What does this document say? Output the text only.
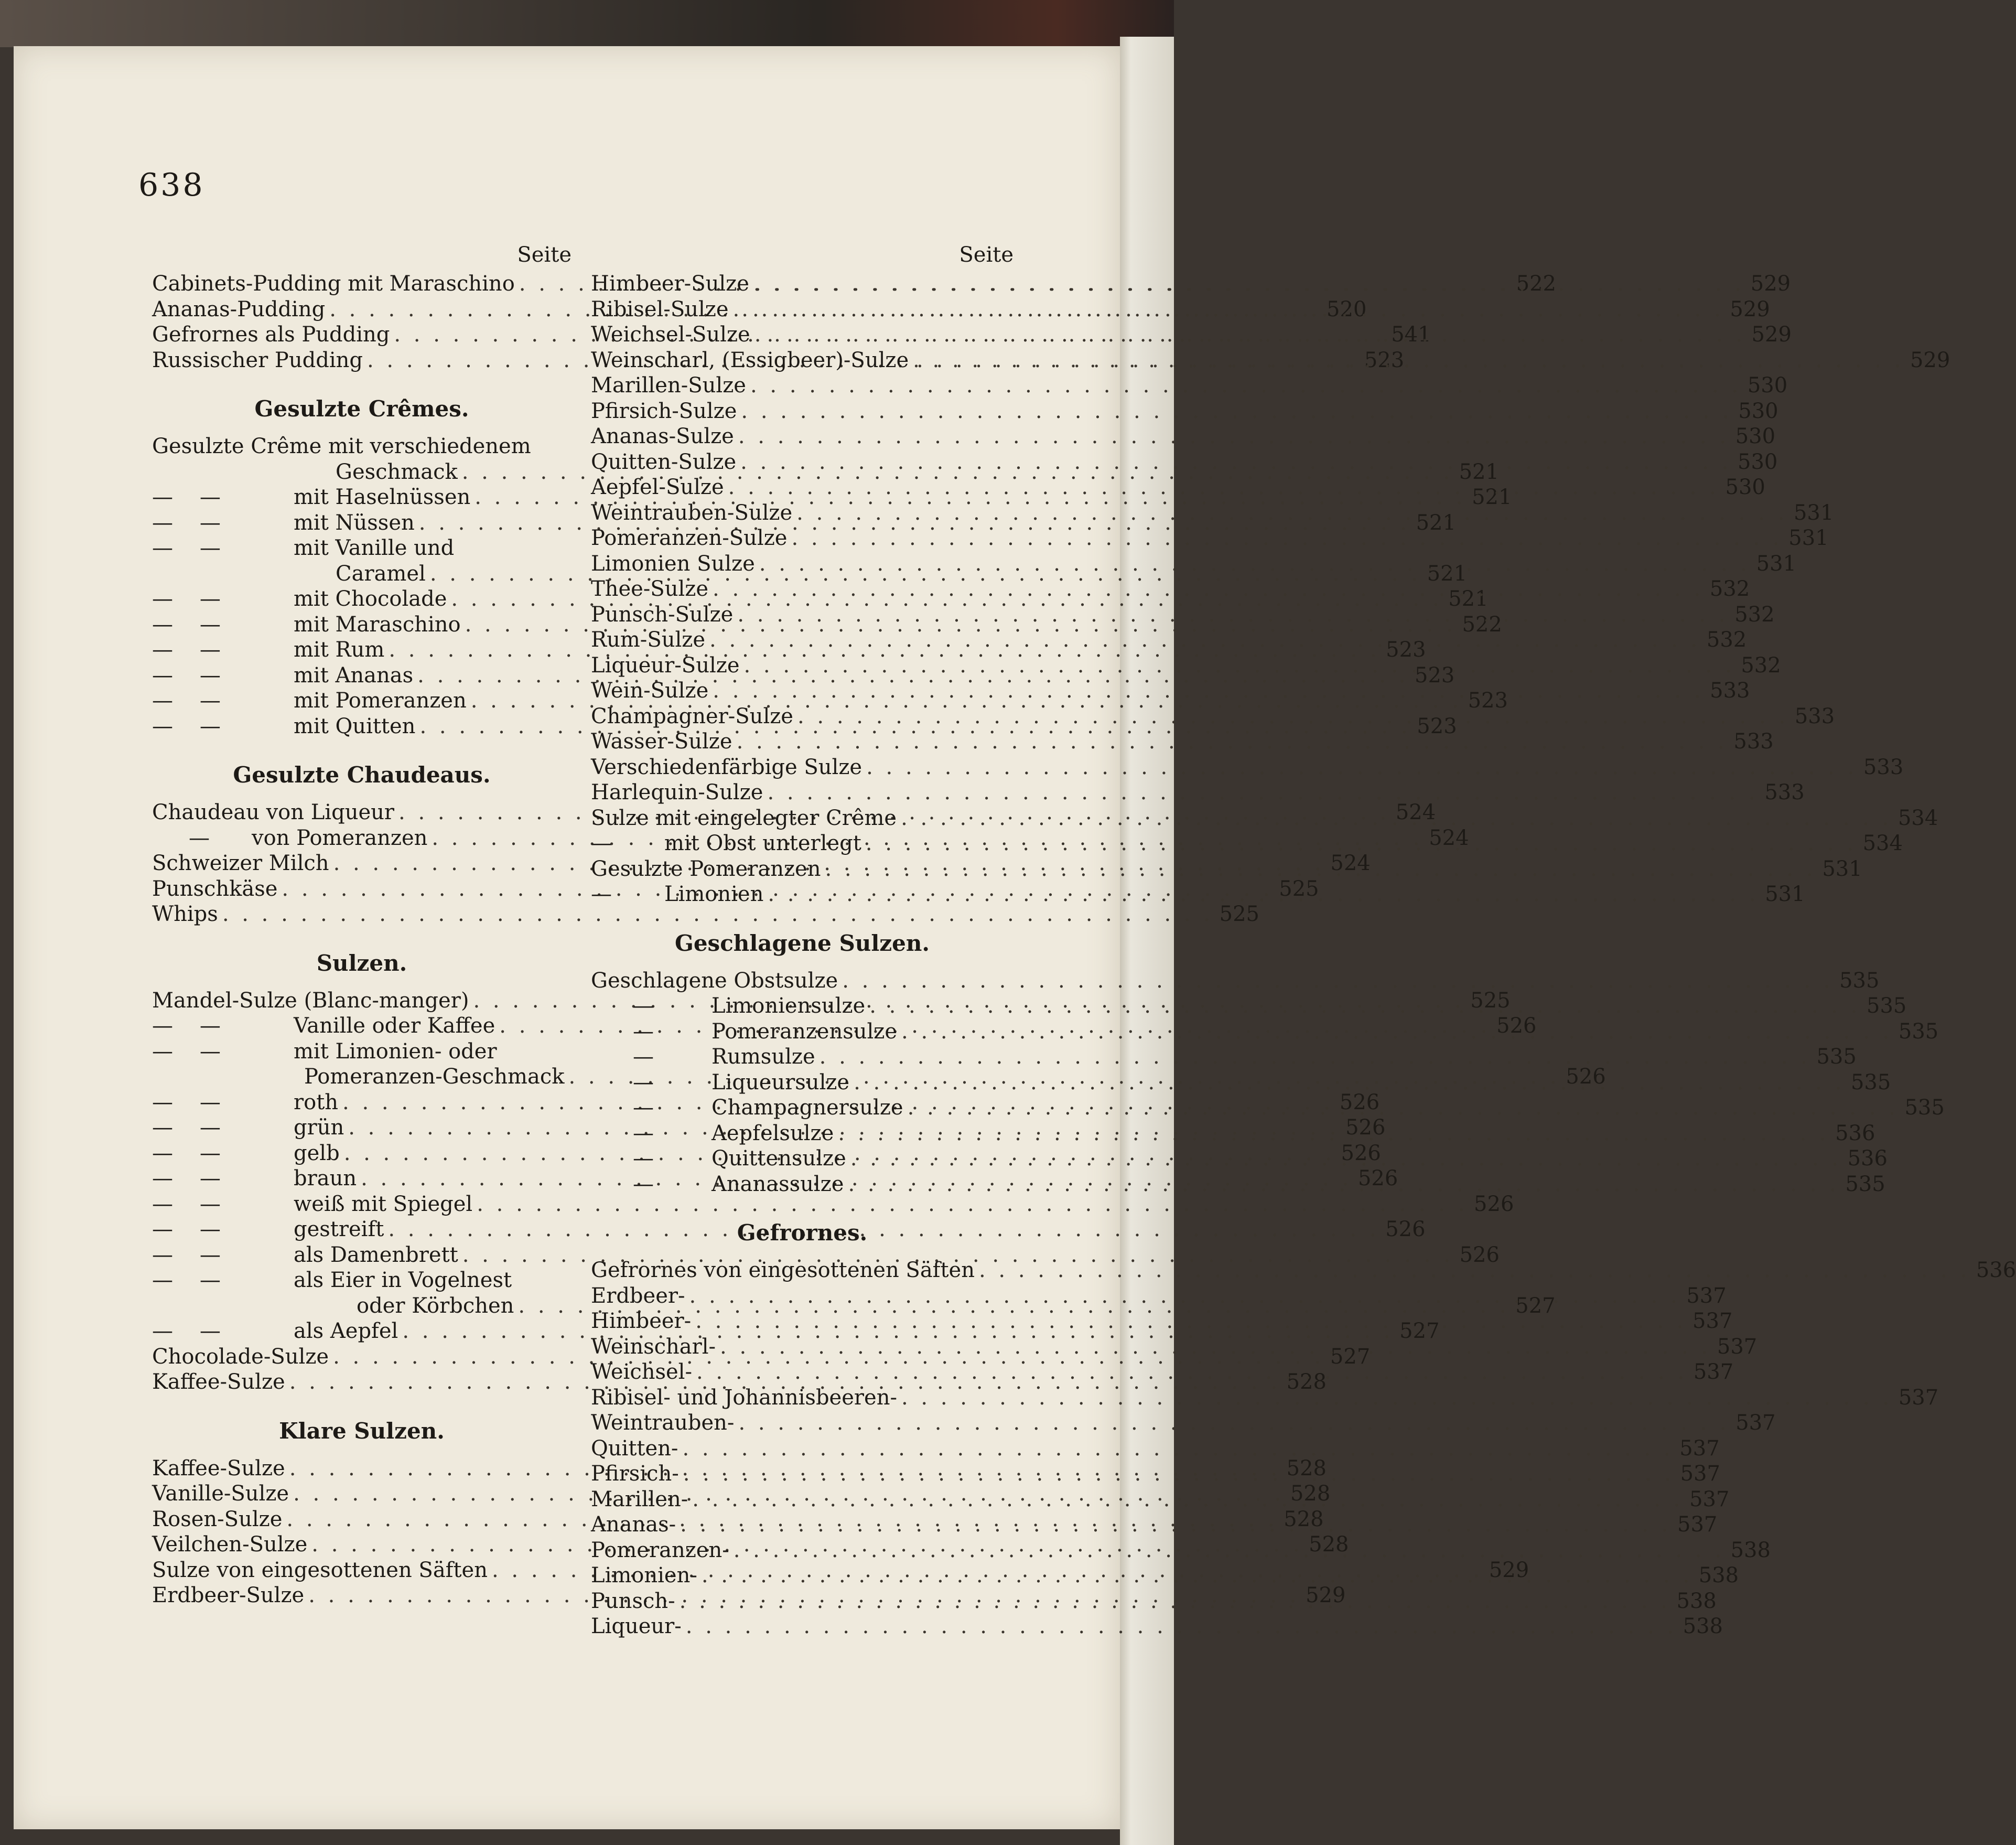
638
Seite
Cabinets-Pudding mit Maraschino . . .	522
Ananas-Pudding . . .	520
Gefrornes als Pudding . . .	541
Russischer Pudding . . .	523
Gesulzte Crêmes.
Gesulzte Crême mit verschiedenem
Geschmack . . .	521
—    —	mit Haselnüssen . . .	521
—    —	mit Nüssen . . .	521
—    —	mit Vanille und
Caramel . . .	521
—    —	mit Chocolade . . .	521
—    —	mit Maraschino . . .	522
—    —	mit Rum . . .	523
—    —	mit Ananas . . .	523
—    —	mit Pomeranzen . . .	523
—    —	mit Quitten . . .	523
Gesulzte Chaudeaus.
Chaudeau von Liqueur . . .	524
—	von Pomeranzen . . .	524
Schweizer Milch . . .	524
Punschkäse . . .	525
Whips . . .	525
Sulzen.
Mandel-Sulze (Blanc-manger) . . .	525
—    —	Vanille oder Kaffee . . .	526
—    —	mit Limonien- oder
Pomeranzen-Geschmack . . .	526
—    —	roth . . .	526
—    —	grün . . .	526
—    —	gelb . . .	526
—    —	braun . . .	526
—    —	weiß mit Spiegel . . .	526
—    —	gestreift . . .	526
—    —	als Damenbrett . . .	526
—    —	als Eier in Vogelnest
oder Körbchen . . .	527
—    —	als Aepfel . . .	527
Chocolade-Sulze . . .	527
Kaffee-Sulze . . .	528
Klare Sulzen.
Kaffee-Sulze . . .	528
Vanille-Sulze . . .	528
Rosen-Sulze . . .	528
Veilchen-Sulze . . .	528
Sulze von eingesottenen Säften . . .	529
Erdbeer-Sulze . . .	529
Seite
Himbeer-Sulze . . .	529
Ribisel-Sulze . . .	529
Weichsel-Sulze . . .	529
Weinscharl, (Essigbeer)-Sulze . . .	529
Marillen-Sulze . . .	530
Pfirsich-Sulze . . .	530
Ananas-Sulze . . .	530
Quitten-Sulze . . .	530
Aepfel-Sulze . . .	530
Weintrauben-Sulze . . .	531
Pomeranzen-Sulze . . .	531
Limonien Sulze . . .	531
Thee-Sulze . . .	532
Punsch-Sulze . . .	532
Rum-Sulze . . .	532
Liqueur-Sulze . . .	532
Wein-Sulze . . .	533
Champagner-Sulze . . .	533
Wasser-Sulze . . .	533
Verschiedenfärbige Sulze . . .	533
Harlequin-Sulze . . .	533
Sulze mit eingelegter Crême . . .	534
—	mit Obst unterlegt . . .	534
Gesulzte Pomeranzen . . .	531
—	Limonien . . .	531
Geschlagene Sulzen.
Geschlagene Obstsulze . . .	535
—	Limoniensulze . . .	535
—	Pomeranzensulze . . .	535
—	Rumsulze . . .	535
—	Liqueursulze . . .	535
—	Champagnersulze . . .	535
—	Aepfelsulze . . .	536
—	Quittensulze . . .	536
—	Ananassulze . . .	535
Gefrornes.
Gefrornes von eingesottenen Säften . . .	536
Erdbeer- . . .	537
Himbeer- . . .	537
Weinscharl- . . .	537
Weichsel- . . .	537
Ribisel- und Johannisbeeren- . . .	537
Weintrauben- . . .	537
Quitten- . . .	537
Pfirsich- . . .	537
Marillen- . . .	537
Ananas- . . .	537
Pomeranzen- . . .	538
Limonien- . . .	538
Punsch- . . .	538
Liqueur- . . .	538
